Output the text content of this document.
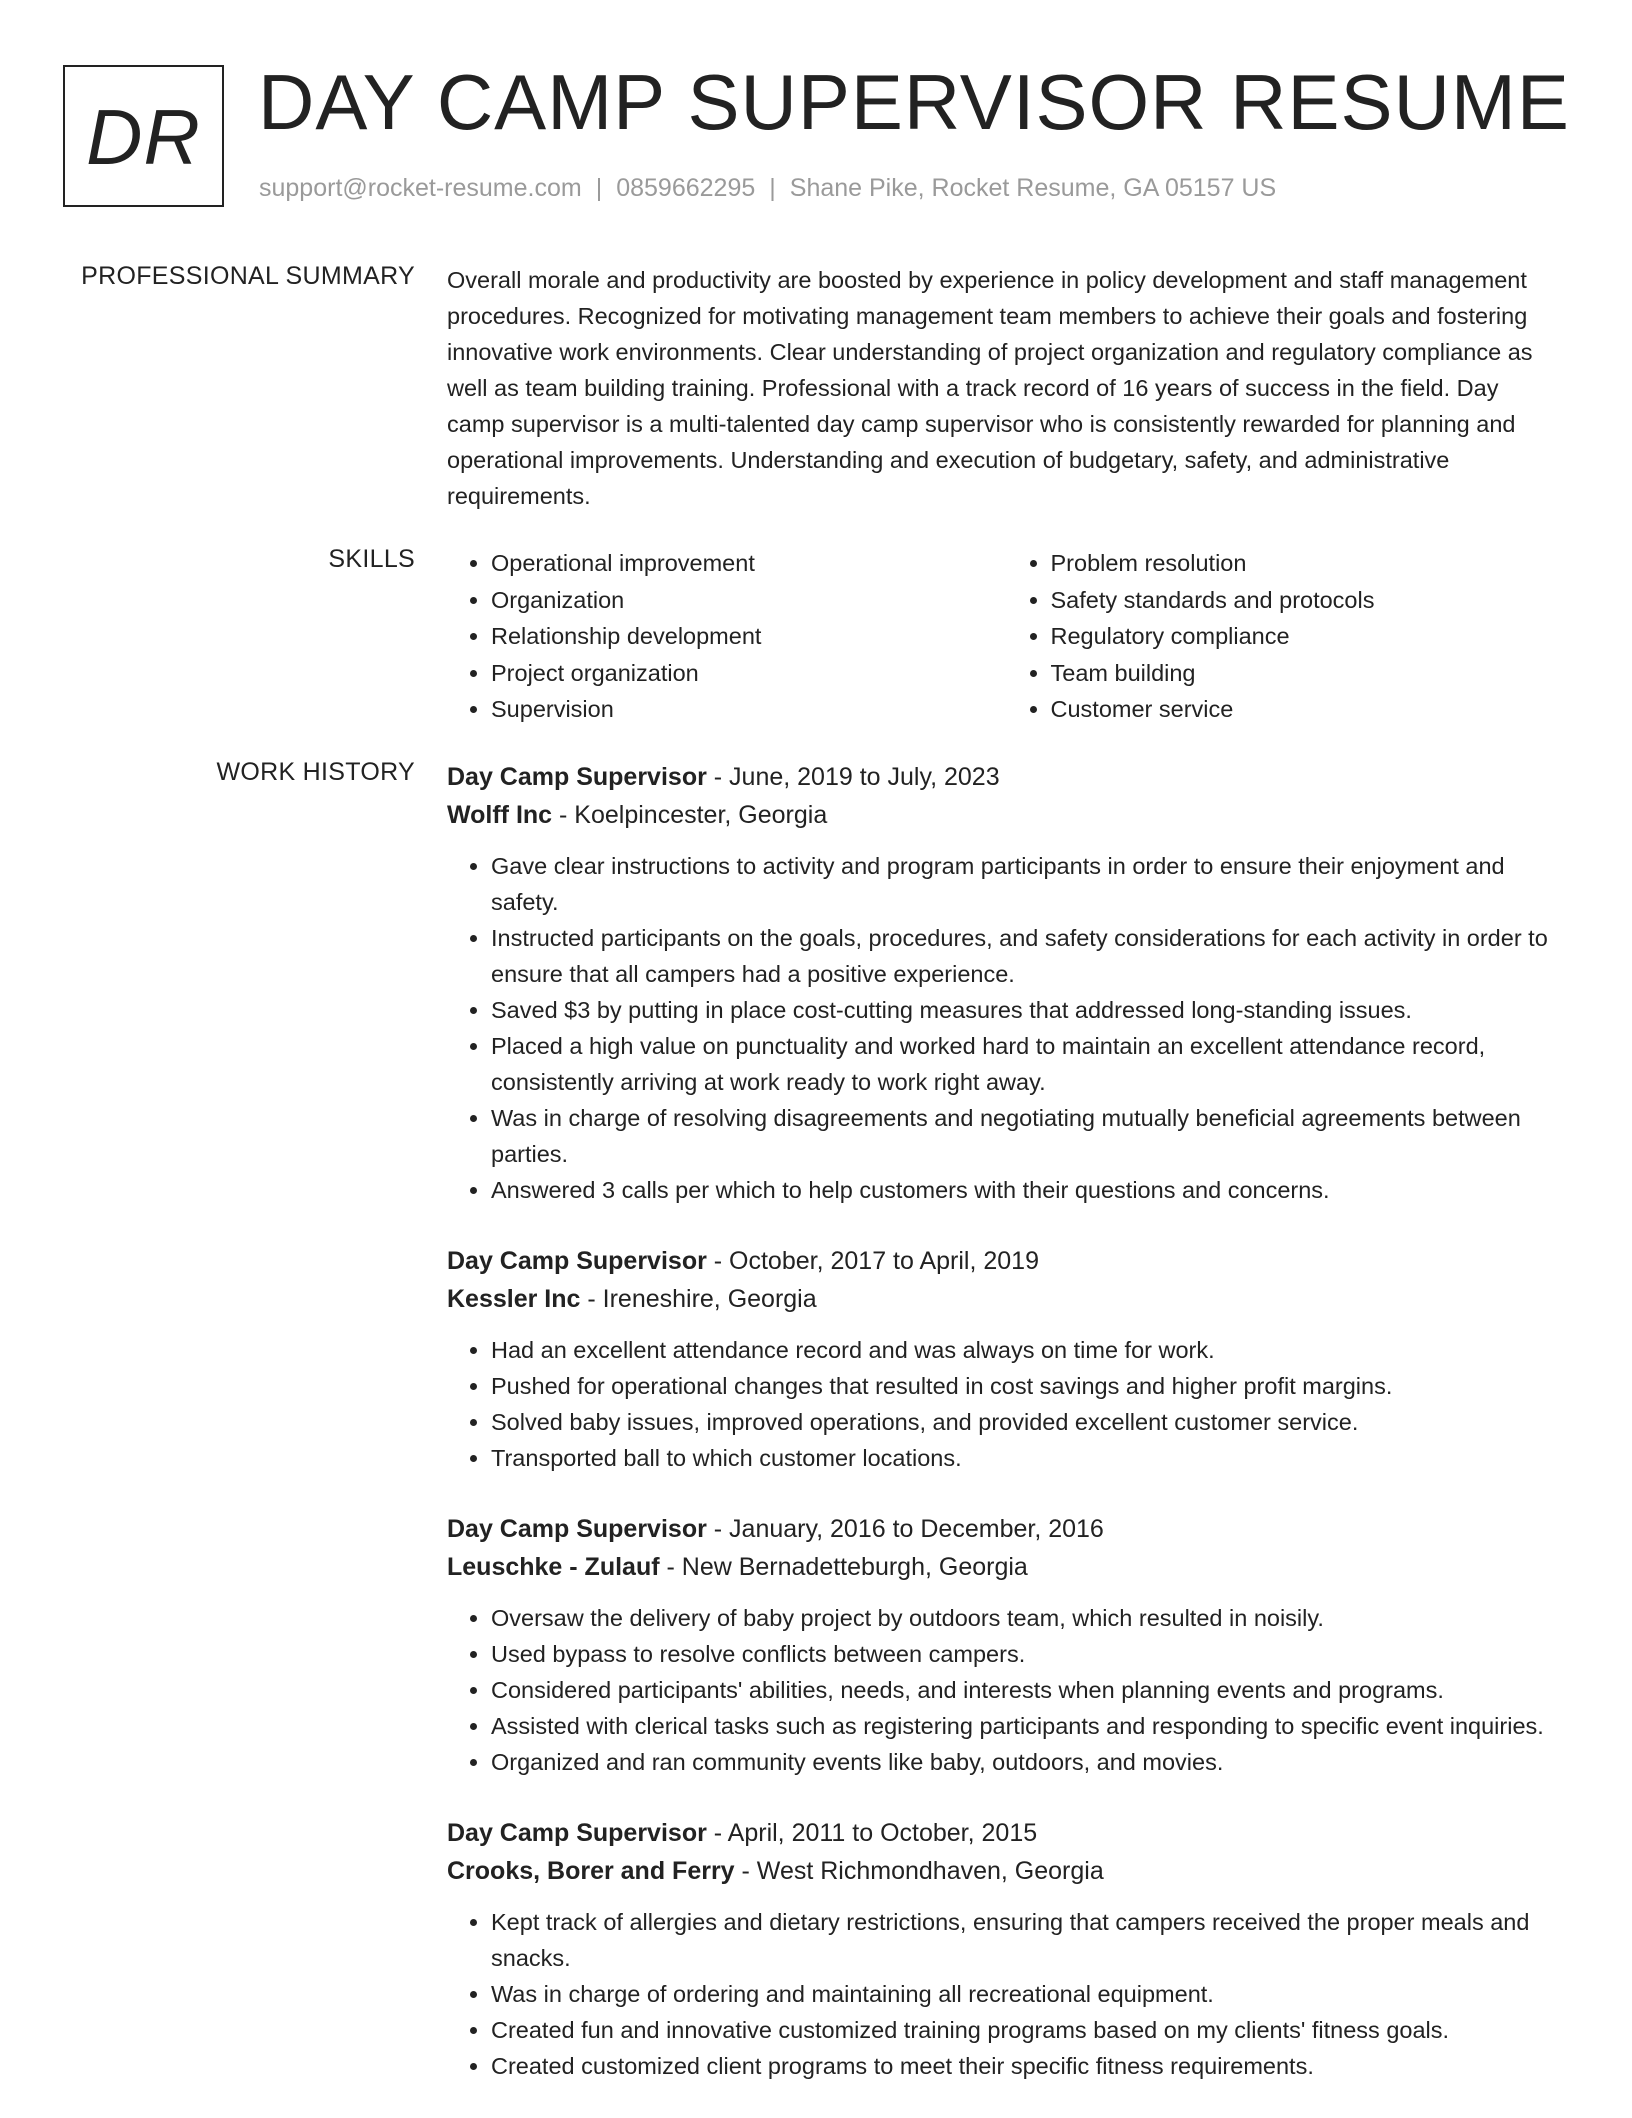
DR DAY CAMP SUPERVISOR RESUME
support@rocket-resume.com | 0859662295 | Shane Pike, Rocket Resume, GA 05157 US
PROFESSIONAL SUMMARY Overall morale and productivity are boosted by experience in policy development and staff management procedures. Recognized for motivating management team members to achieve their goals and fostering innovative work environments. Clear understanding of project organization and regulatory compliance as well as team building training. Professional with a track record of 16 years of success in the field. Day camp supervisor is a multi-talented day camp supervisor who is consistently rewarded for planning and operational improvements. Understanding and execution of budgetary, safety, and administrative requirements.

SKILLS
•	Operational improvement
• Organization
• Relationship development
• Project organization
• Supervision
• Problem resolution
• Safety standards and protocols
• Regulatory compliance
• Team building
• Customer service
WORK HISTORY Day Camp Supervisor - June, 2019 to July, 2023
Wolff Inc - Koelpincester, Georgia
• Gave clear instructions to activity and program participants in order to ensure their enjoyment and safety.
• Instructed participants on the goals, procedures, and safety considerations for each activity in order to ensure that all campers had a positive experience.
• Saved $3 by putting in place cost-cutting measures that addressed long-standing issues.
• Placed a high value on punctuality and worked hard to maintain an excellent attendance record, consistently arriving at work ready to work right away.
• Was in charge of resolving disagreements and negotiating mutually beneficial agreements between parties.
• Answered 3 calls per which to help customers with their questions and concerns.
Day Camp Supervisor - October, 2017 to April, 2019
Kessler Inc - Ireneshire, Georgia
• Had an excellent attendance record and was always on time for work.
• Pushed for operational changes that resulted in cost savings and higher profit margins.
• Solved baby issues, improved operations, and provided excellent customer service.
• Transported ball to which customer locations.
Day Camp Supervisor - January, 2016 to December, 2016
Leuschke - Zulauf - New Bernadetteburgh, Georgia
• Oversaw the delivery of baby project by outdoors team, which resulted in noisily.
• Used bypass to resolve conflicts between campers.
• Considered participants' abilities, needs, and interests when planning events and programs.
• Assisted with clerical tasks such as registering participants and responding to specific event inquiries.
• Organized and ran community events like baby, outdoors, and movies.
Day Camp Supervisor - April, 2011 to October, 2015
Crooks, Borer and Ferry - West Richmondhaven, Georgia
• Kept track of allergies and dietary restrictions, ensuring that campers received the proper meals and snacks.
• Was in charge of ordering and maintaining all recreational equipment.
• Created fun and innovative customized training programs based on my clients' fitness goals.
• Created customized client programs to meet their specific fitness requirements.
